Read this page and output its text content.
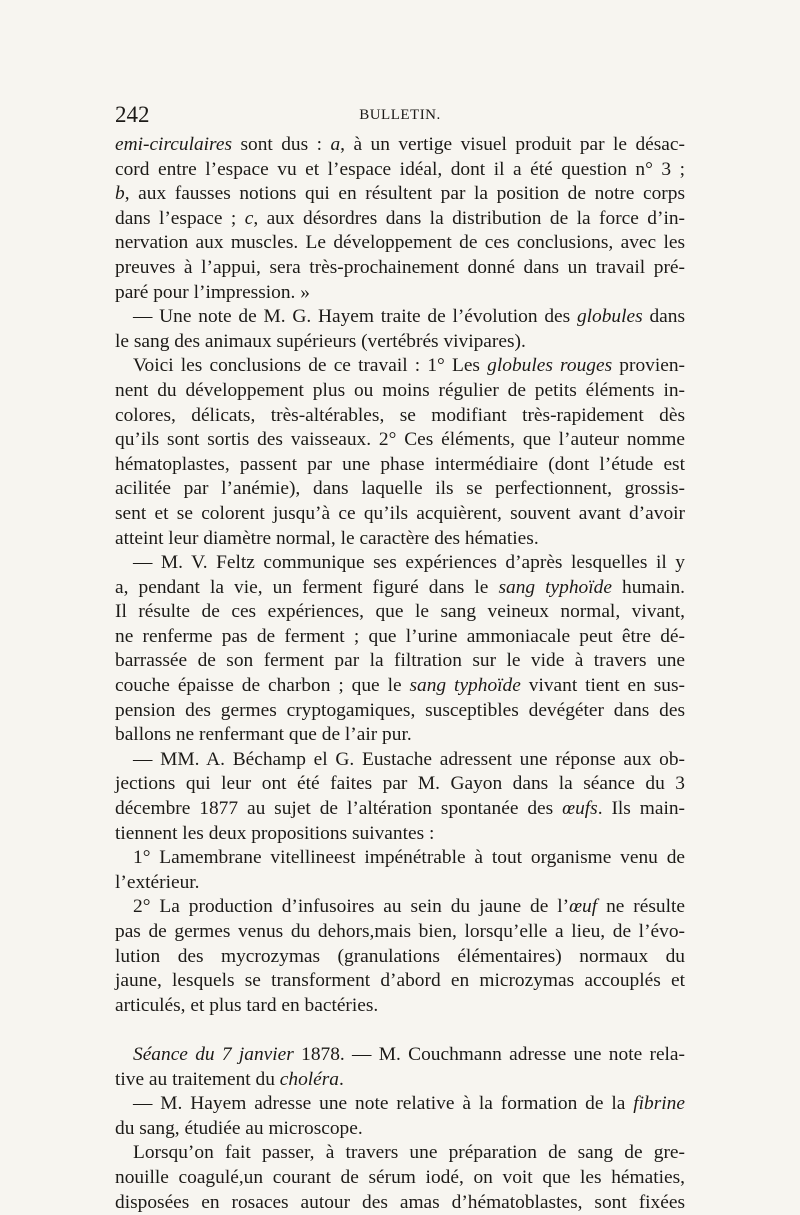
242	BULLETIN.
emi-circulaires sont dus : a, à un vertige visuel produit par le désac-
cord entre l’espace vu et l’espace idéal, dont il a été question n° 3 ;
b, aux fausses notions qui en résultent par la position de notre corps
dans l’espace ; c, aux désordres dans la distribution de la force d’in-
nervation aux muscles. Le développement de ces conclusions, avec les
preuves à l’appui, sera très-prochainement donné dans un travail pré-
paré pour l’impression. »
— Une note de M. G. Hayem traite de l’évolution des globules dans
le sang des animaux supérieurs (vertébrés vivipares).
Voici les conclusions de ce travail : 1° Les globules rouges provien-
nent du développement plus ou moins régulier de petits éléments in-
colores, délicats, très-altérables, se modifiant très-rapidement dès
qu’ils sont sortis des vaisseaux. 2° Ces éléments, que l’auteur nomme
hématoplastes, passent par une phase intermédiaire (dont l’étude est
acilitée par l’anémie), dans laquelle ils se perfectionnent, grossis-
sent et se colorent jusqu’à ce qu’ils acquièrent, souvent avant d’avoir
atteint leur diamètre normal, le caractère des hématies.
— M. V. Feltz communique ses expériences d’après lesquelles il y
a, pendant la vie, un ferment figuré dans le sang typhoïde humain.
Il résulte de ces expériences, que le sang veineux normal, vivant,
ne renferme pas de ferment ; que l’urine ammoniacale peut être dé-
barrassée de son ferment par la filtration sur le vide à travers une
couche épaisse de charbon ; que le sang typhoïde vivant tient en sus-
pension des germes cryptogamiques, susceptibles devégéter dans des
ballons ne renfermant que de l’air pur.
— MM. A. Béchamp el G. Eustache adressent une réponse aux ob-
jections qui leur ont été faites par M. Gayon dans la séance du 3
décembre 1877 au sujet de l’altération spontanée des œufs. Ils main-
tiennent les deux propositions suivantes :
1° Lamembrane vitellineest impénétrable à tout organisme venu de
l’extérieur.
2° La production d’infusoires au sein du jaune de l’œuf ne résulte
pas de germes venus du dehors,mais bien, lorsqu’elle a lieu, de l’évo-
lution des mycrozymas (granulations élémentaires) normaux du
jaune, lesquels se transforment d’abord en microzymas accouplés et
articulés, et plus tard en bactéries.
Séance du 7 janvier 1878. — M. Couchmann adresse une note rela-
tive au traitement du choléra.
— M. Hayem adresse une note relative à la formation de la fibrine
du sang, étudiée au microscope.
Lorsqu’on fait passer, à travers une préparation de sang de gre-
nouille coagulé,un courant de sérum iodé, on voit que les hématies,
disposées en rosaces autour des amas d’hématoblastes, sont fixées
